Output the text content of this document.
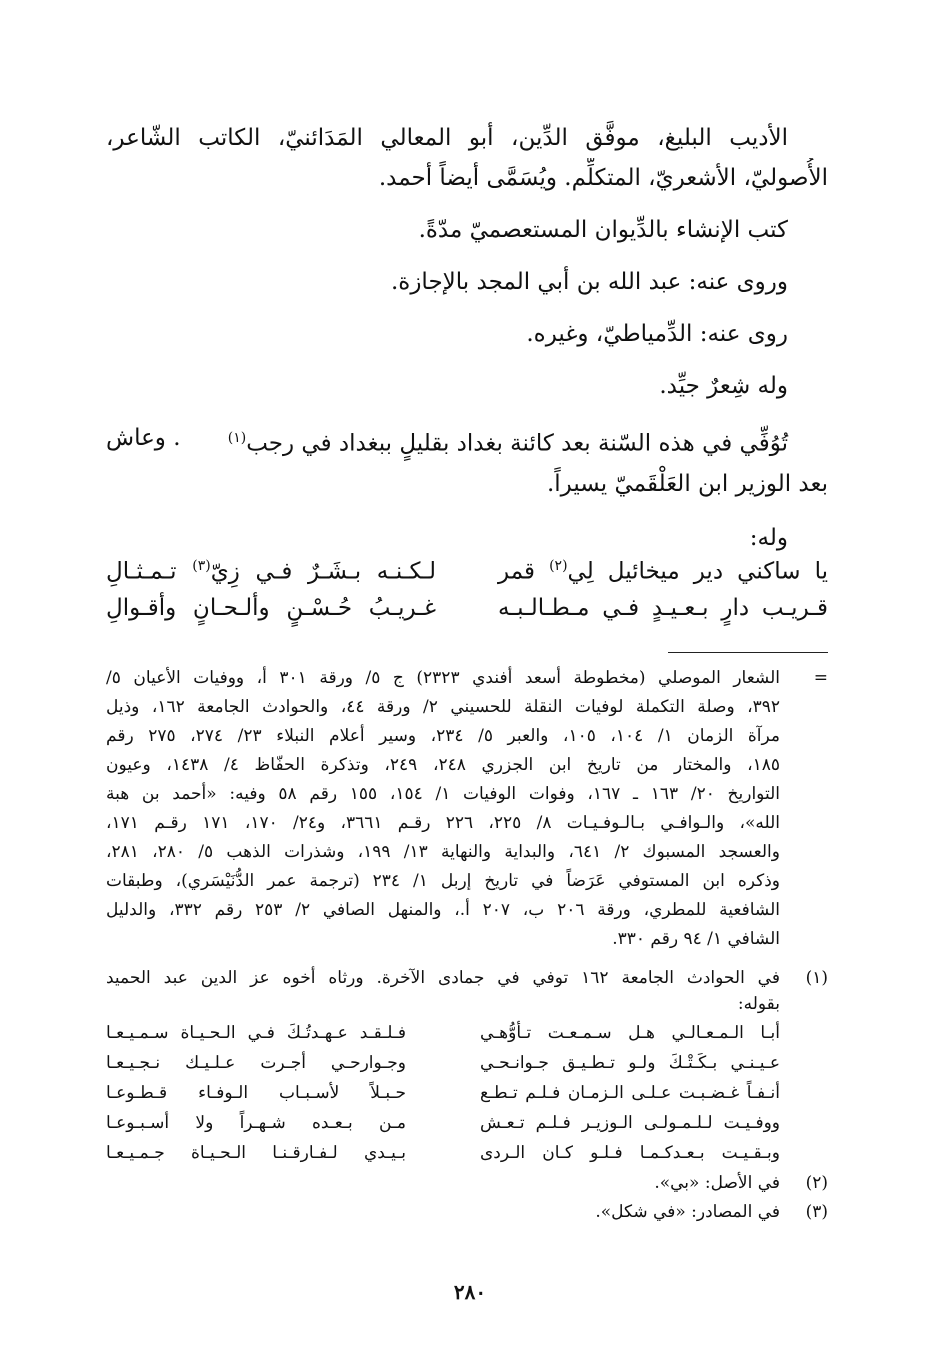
الأديب البليغ، موفَّق الدِّين، أبو المعالي المَدَائنيّ، الكاتب الشّاعر،

الأُصوليّ، الأشعريّ، المتكلِّم. ويُسَمَّى أيضاً أحمد.

كتب الإنشاء بالدِّيوان المستعصميّ مدّةً.

وروى عنه: عبد الله بن أبي المجد بالإجازة.

روى عنه: الدِّمياطيّ، وغيره.

وله شِعرٌ جيِّد.

تُوُفِّي في هذه السّنة بعد كائنة بغداد بقليلٍ ببغداد في رجب$^{(١)}$
. وعاش

بعد الوزير ابن العَلْقَميّ يسيراً.

وله:

يا ساكني دير ميخائيل لِي$^{(٢)}$ قمر
لـكـنـه بـشَـرٌ فـي زِيّ$^{(٣)}$ تـمـثـالِ
قـريـب دارٍ بـعـيـدٍ فـي مـطـالـبـه
غـريـبُ حُـسْـنٍ وألـحـانٍ وأقـوالِ
=
الشعار الموصلي (مخطوطة أسعد أفندي ٢٣٢٣) ج ٥/ ورقة ٣٠١ أ، ووفيات الأعيان ٥/
٣٩٢، وصلة التكملة لوفيات النقلة للحسيني ٢/ ورقة ٤٤، والحوادث الجامعة ١٦٢، وذيل
مرآة الزمان ١/ ١٠٤، ١٠٥، والعبر ٥/ ٢٣٤، وسير أعلام النبلاء ٢٣/ ٢٧٤، ٢٧٥ رقم
١٨٥، والمختار من تاريخ ابن الجزري ٢٤٨، ٢٤٩، وتذكرة الحفّاظ ٤/ ١٤٣٨، وعيون
التواريخ ٢٠/ ١٦٣ ـ ١٦٧، وفوات الوفيات ١/ ١٥٤، ١٥٥ رقم ٥٨ وفيه: «أحمد بن هبة
الله»، والـوافـي بـالـوفـيـات ٨/ ٢٢٥، ٢٢٦ رقـم ٣٦٦١، و٢٤/ ١٧٠، ١٧١ رقـم ١٧١،
والعسجد المسبوك ٢/ ٦٤١، والبداية والنهاية ١٣/ ١٩٩، وشذرات الذهب ٥/ ٢٨٠، ٢٨١،
وذكره ابن المستوفي عَرَضاً في تاريخ إربل ١/ ٢٣٤ (ترجمة عمر الدُّنَيْسَري)، وطبقات
الشافعية للمطري، ورقة ٢٠٦ ب، ٢٠٧ أ.، والمنهل الصافي ٢/ ٢٥٣ رقم ٣٣٢، والدليل
الشافي ١/ ٩٤ رقم ٣٣٠.
(١)
في الحوادث الجامعة ١٦٢ توفي في جمادى الآخرة. ورثاه أخوه عز الدين عبد الحميد
بقوله:
أبـا الـمـعـالـي هـل سـمـعـت تـأوُّهـي
فـلـقـد عـهـدتُـكَ فـي الـحـيـاة سـمـيـعـا
عـيـنـي بـكَـتْـكَ ولـو تـطـيـق جـوانـحـي
وجـوارحـي أجـرت عـلـيـك نـجـيـعـا
أنـفـاً غـضـبـت عـلـى الـزمـان فـلـم تـطـع
حـبـلاً لأسـبـاب الـوفـاء قـطـوعـا
ووفـيـت لـلـمـولـى الـوزيـر فـلـم تـعـش
مـن بـعـده شـهـراً ولا أسـبـوعـا
وبـقـيـت بـعـدكـمـا فـلـو كـان الـردى
بـيـدي لـفـارقـنـا الـحـيـاة جـمـيـعـا
(٢)
في الأصل: «بي».
(٣)
في المصادر: «في شكل».
٢٨٠
